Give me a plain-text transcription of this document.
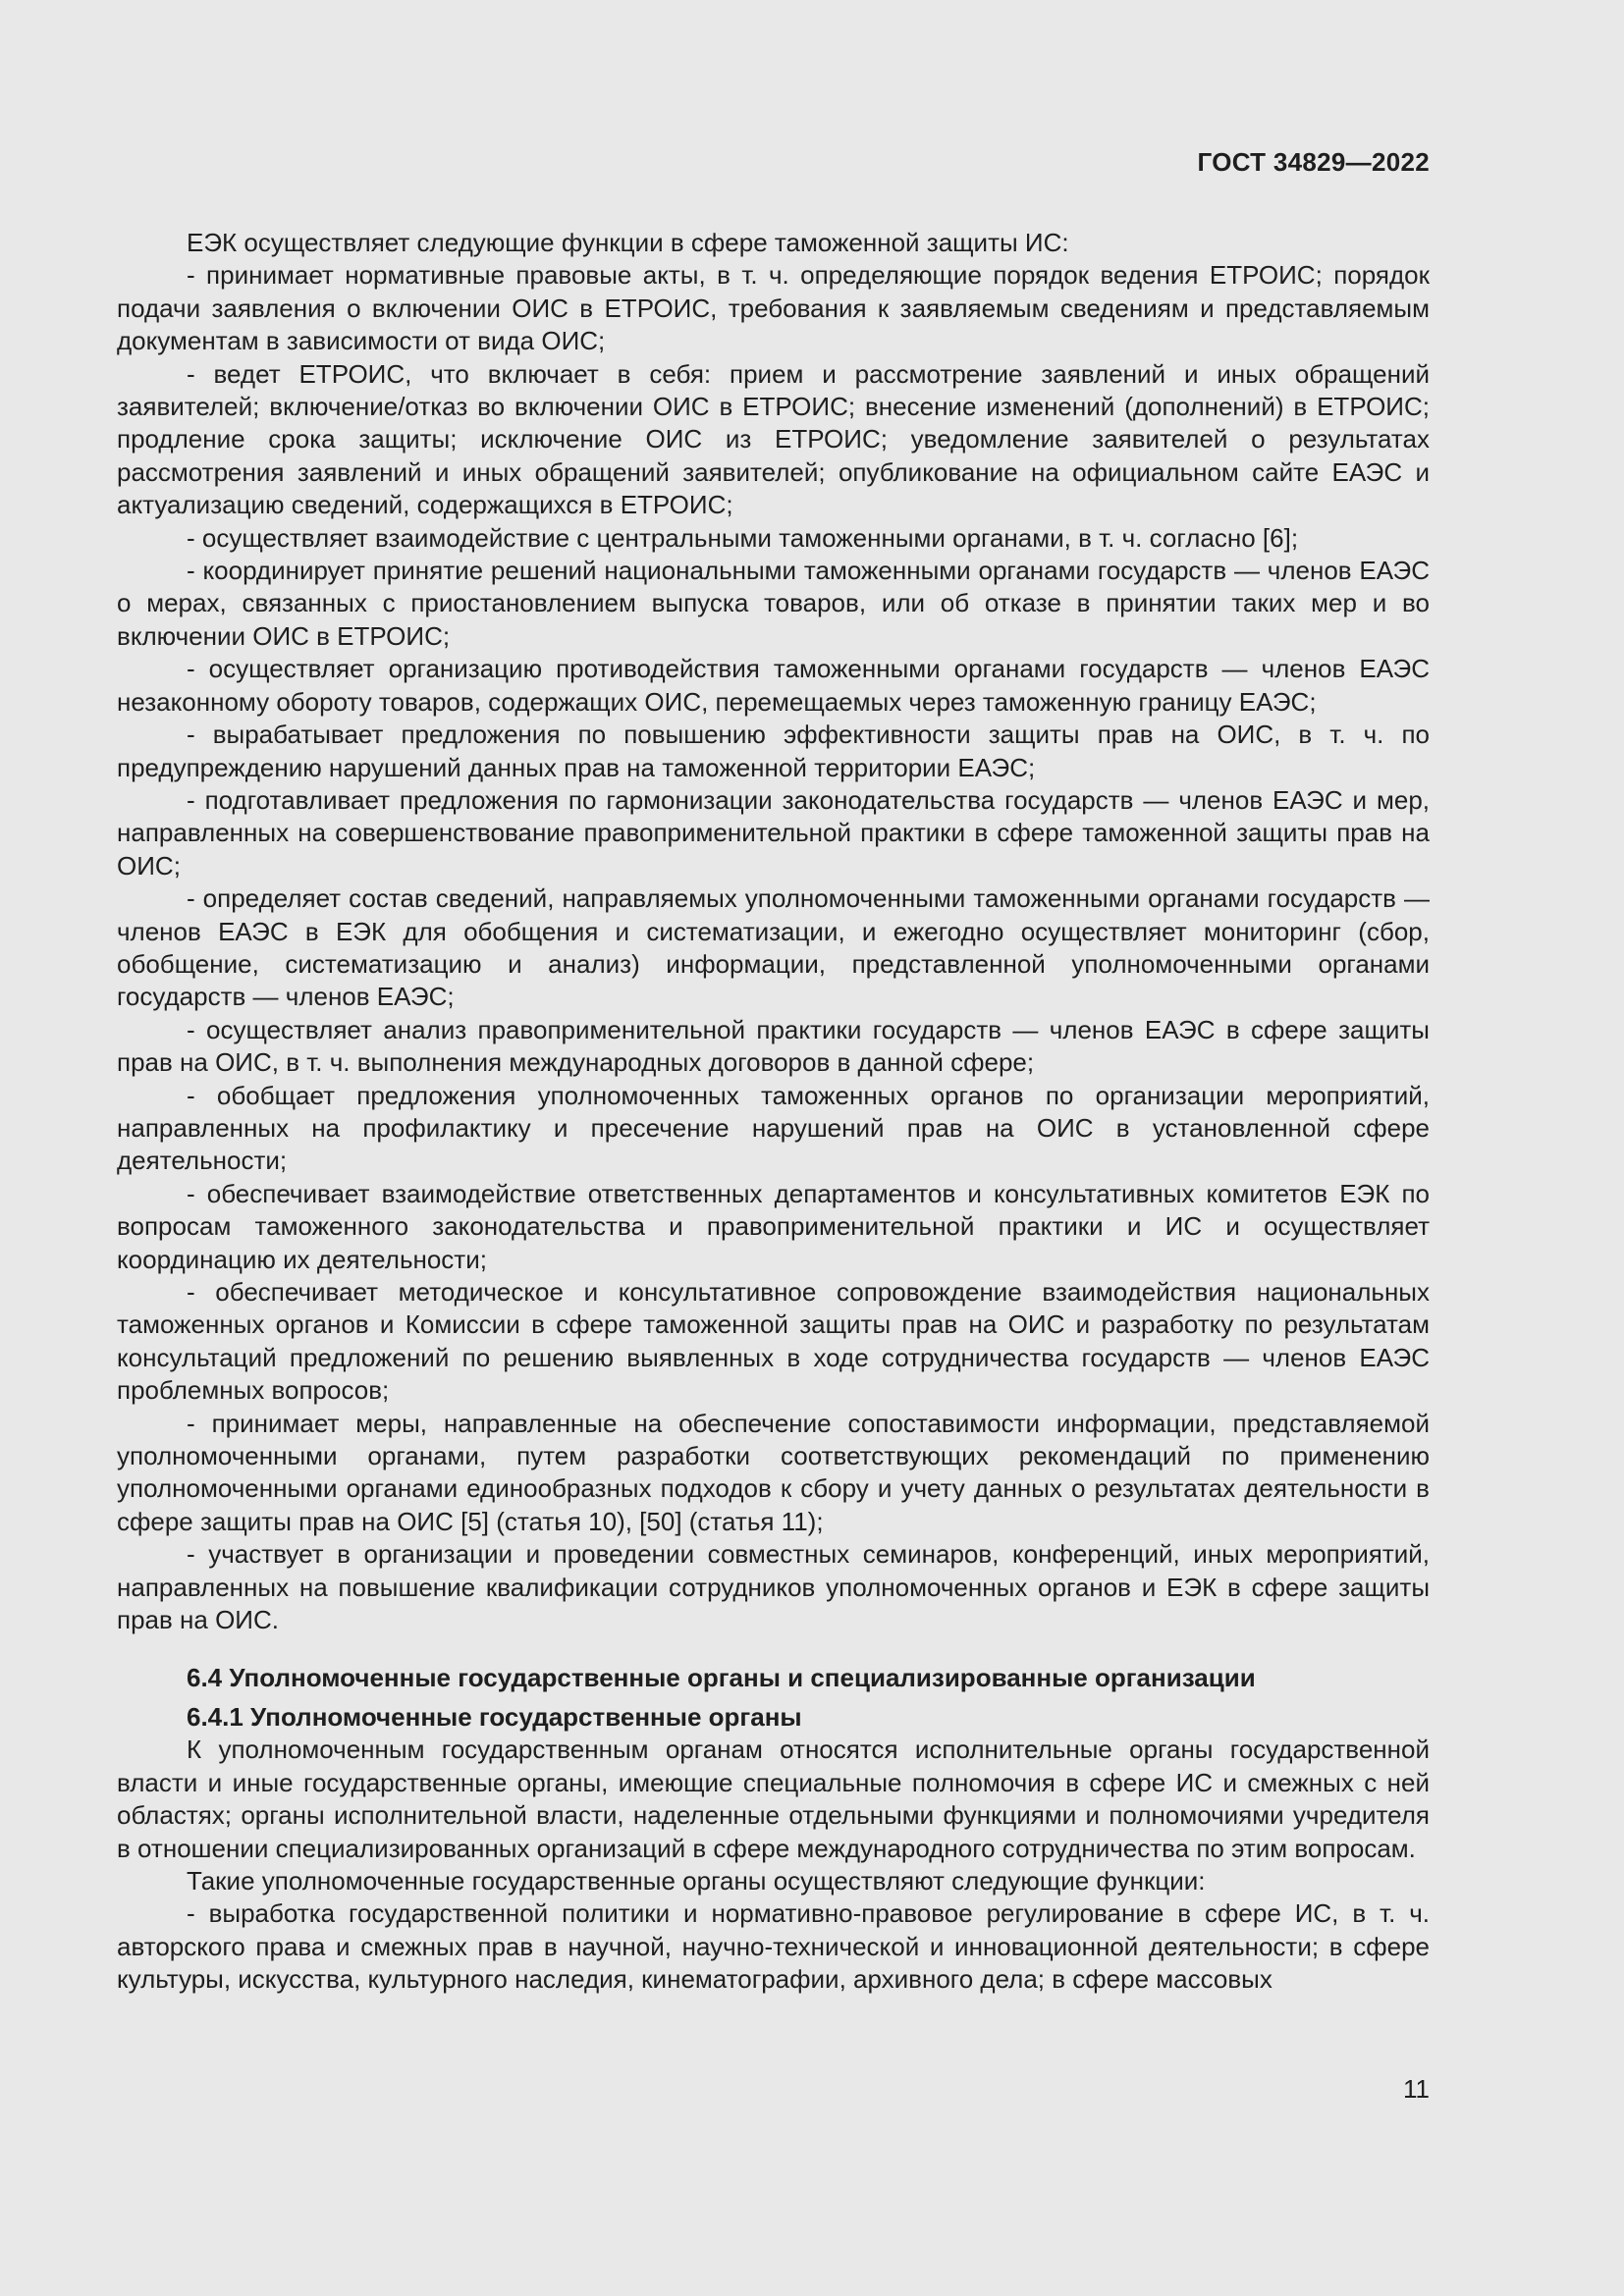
ГОСТ 34829—2022

ЕЭК осуществляет следующие функции в сфере таможенной защиты ИС:

- принимает нормативные правовые акты, в т. ч. определяющие порядок ведения ЕТРОИС; порядок подачи заявления о включении ОИС в ЕТРОИС, требования к заявляемым сведениям и представляемым документам в зависимости от вида ОИС;

- ведет ЕТРОИС, что включает в себя: прием и рассмотрение заявлений и иных обращений заявителей; включение/отказ во включении ОИС в ЕТРОИС; внесение изменений (дополнений) в ЕТРОИС; продление срока защиты; исключение ОИС из ЕТРОИС; уведомление заявителей о результатах рассмотрения заявлений и иных обращений заявителей; опубликование на официальном сайте ЕАЭС и актуализацию сведений, содержащихся в ЕТРОИС;

- осуществляет взаимодействие с центральными таможенными органами, в т. ч. согласно [6];

- координирует принятие решений национальными таможенными органами государств — членов ЕАЭС о мерах, связанных с приостановлением выпуска товаров, или об отказе в принятии таких мер и во включении ОИС в ЕТРОИС;

- осуществляет организацию противодействия таможенными органами государств — членов ЕАЭС незаконному обороту товаров, содержащих ОИС, перемещаемых через таможенную границу ЕАЭС;

- вырабатывает предложения по повышению эффективности защиты прав на ОИС, в т. ч. по предупреждению нарушений данных прав на таможенной территории ЕАЭС;

- подготавливает предложения по гармонизации законодательства государств — членов ЕАЭС и мер, направленных на совершенствование правоприменительной практики в сфере таможенной защиты прав на ОИС;

- определяет состав сведений, направляемых уполномоченными таможенными органами государств — членов ЕАЭС в ЕЭК для обобщения и систематизации, и ежегодно осуществляет мониторинг (сбор, обобщение, систематизацию и анализ) информации, представленной уполномоченными органами государств — членов ЕАЭС;

- осуществляет анализ правоприменительной практики государств — членов ЕАЭС в сфере защиты прав на ОИС, в т. ч. выполнения международных договоров в данной сфере;

- обобщает предложения уполномоченных таможенных органов по организации мероприятий, направленных на профилактику и пресечение нарушений прав на ОИС в установленной сфере деятельности;

- обеспечивает взаимодействие ответственных департаментов и консультативных комитетов ЕЭК по вопросам таможенного законодательства и правоприменительной практики и ИС и осуществляет координацию их деятельности;

- обеспечивает методическое и консультативное сопровождение взаимодействия национальных таможенных органов и Комиссии в сфере таможенной защиты прав на ОИС и разработку по результатам консультаций предложений по решению выявленных в ходе сотрудничества государств — членов ЕАЭС проблемных вопросов;

- принимает меры, направленные на обеспечение сопоставимости информации, представляемой уполномоченными органами, путем разработки соответствующих рекомендаций по применению уполномоченными органами единообразных подходов к сбору и учету данных о результатах деятельности в сфере защиты прав на ОИС [5] (статья 10), [50] (статья 11);

- участвует в организации и проведении совместных семинаров, конференций, иных мероприятий, направленных на повышение квалификации сотрудников уполномоченных органов и ЕЭК в сфере защиты прав на ОИС.

6.4 Уполномоченные государственные органы и специализированные организации

6.4.1 Уполномоченные государственные органы

К уполномоченным государственным органам относятся исполнительные органы государственной власти и иные государственные органы, имеющие специальные полномочия в сфере ИС и смежных с ней областях; органы исполнительной власти, наделенные отдельными функциями и полномочиями учредителя в отношении специализированных организаций в сфере международного сотрудничества по этим вопросам.

Такие уполномоченные государственные органы осуществляют следующие функции:

- выработка государственной политики и нормативно-правовое регулирование в сфере ИС, в т. ч. авторского права и смежных прав в научной, научно-технической и инновационной деятельности; в сфере культуры, искусства, культурного наследия, кинематографии, архивного дела; в сфере массовых

11
